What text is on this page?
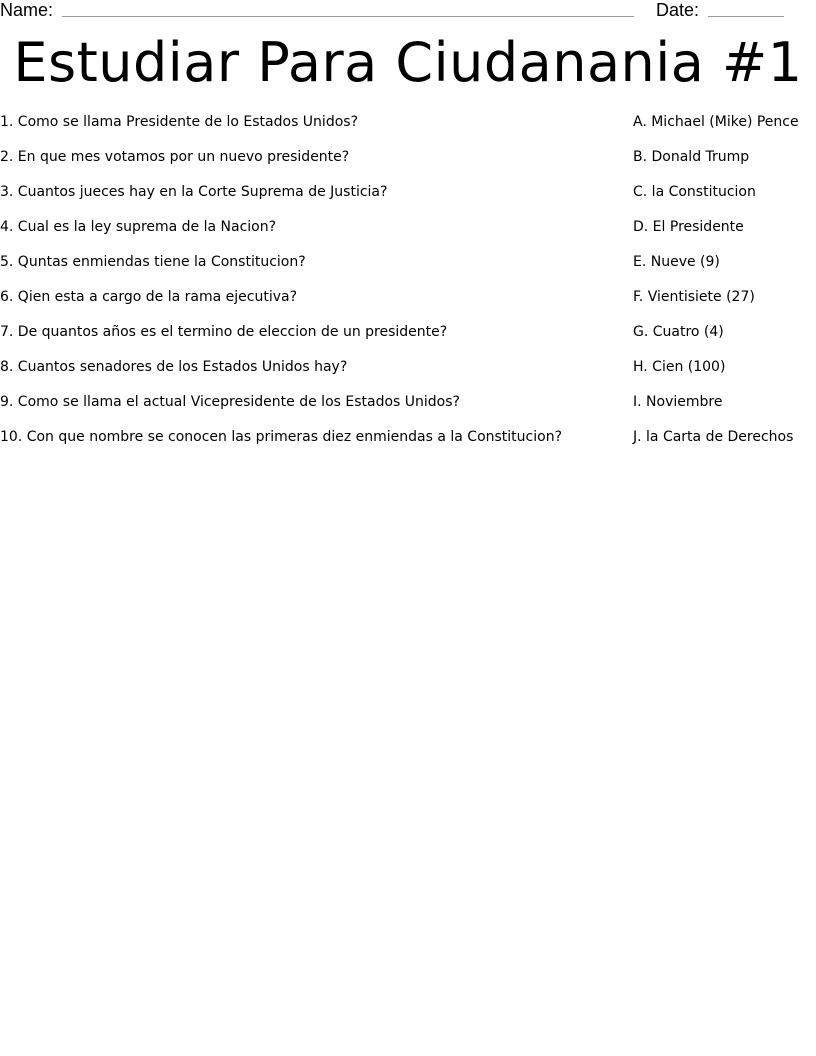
Name:	Date:
Estudiar Para Ciudanania #1
1. Como se llama Presidente de lo Estados Unidos?
2. En que mes votamos por un nuevo presidente?
3. Cuantos jueces hay en la Corte Suprema de Justicia?
4. Cual es la ley suprema de la Nacion?
5. Quntas enmiendas tiene la Constitucion?
6. Qien esta a cargo de la rama ejecutiva?
7. De quantos años es el termino de eleccion de un presidente?
8. Cuantos senadores de los Estados Unidos hay?
9. Como se llama el actual Vicepresidente de los Estados Unidos?
10. Con que nombre se conocen las primeras diez enmiendas a la Constitucion?
A. Michael (Mike) Pence
B. Donald Trump
C. la Constitucion
D. El Presidente
E. Nueve (9)
F. Vientisiete (27)
G. Cuatro (4)
H. Cien (100)
I. Noviembre
J. la Carta de Derechos
